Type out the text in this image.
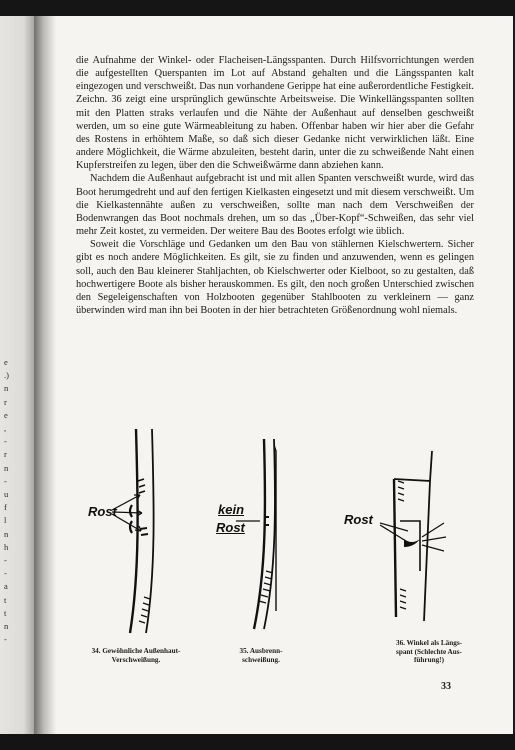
e
.)
n
r
e
,
-
r
n
-
u
f
l
n
h
-
-
a
t
t
n
-

die Aufnahme der Winkel- oder Flacheisen-Längsspanten. Durch Hilfsvorrichtungen werden die aufgestellten Querspanten im Lot auf Abstand gehalten und die Längsspanten kalt eingezogen und verschweißt. Das nun vorhandene Gerippe hat eine außerordentliche Festigkeit. Zeichn. 36 zeigt eine ursprünglich gewünschte Arbeitsweise. Die Winkellängsspanten sollten mit den Platten straks verlaufen und die Nähte der Außenhaut auf denselben geschweißt werden, um so eine gute Wärmeableitung zu haben. Offenbar haben wir hier aber die Gefahr des Rostens in erhöhtem Maße, so daß sich dieser Gedanke nicht verwirklichen läßt. Eine andere Möglichkeit, die Wärme abzuleiten, besteht darin, unter die zu schweißende Naht einen Kupferstreifen zu legen, über den die Schweißwärme dann abziehen kann.

Nachdem die Außenhaut aufgebracht ist und mit allen Spanten verschweißt wurde, wird das Boot herumgedreht und auf den fertigen Kielkasten eingesetzt und mit diesem verschweißt. Um die Kielkastennähte außen zu verschweißen, sollte man nach dem Verschweißen der Bodenwrangen das Boot nochmals drehen, um so das „Über-Kopf“-Schweißen, das sehr viel mehr Zeit kostet, zu vermeiden. Der weitere Bau des Bootes erfolgt wie üblich.

Soweit die Vorschläge und Gedanken um den Bau von stählernen Kielschwertern. Sicher gibt es noch andere Möglichkeiten. Es gilt, sie zu finden und anzuwenden, wenn es gelingen soll, auch den Bau kleinerer Stahljachten, ob Kielschwerter oder Kielboot, so zu gestalten, daß hochwertigere Boote als bisher herauskommen. Es gilt, den noch großen Unterschied zwischen den Segeleigenschaften von Holzbooten gegenüber Stahlbooten zu verkleinern — ganz überwinden wird man ihn bei Booten in der hier betrachteten Größenordnung wohl niemals.

Rost
34. Gewöhnliche Außenhaut-
Verschweißung.
kein
Rost
35. Ausbrenn-
schweißung.
Rost
36. Winkel als Längs-
spant (Schlechte Aus-
führung!)
33
